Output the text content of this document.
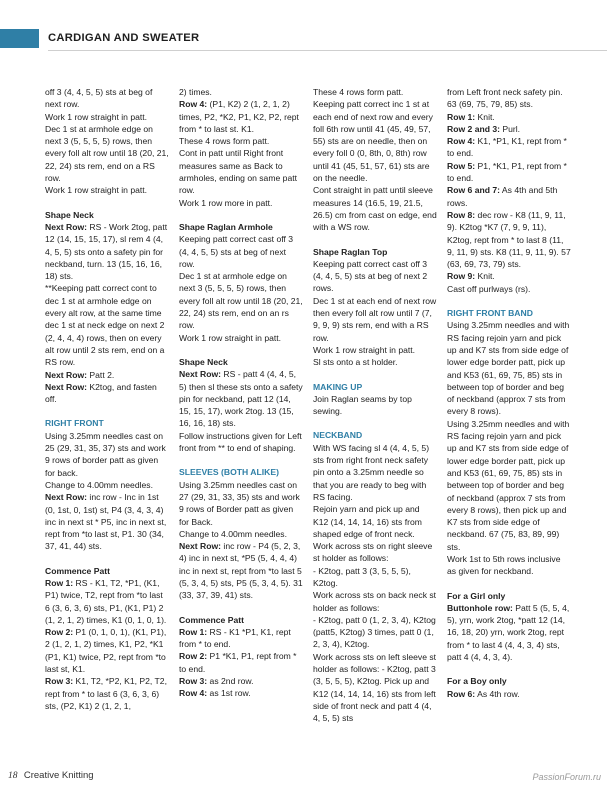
CARDIGAN AND SWEATER

off 3 (4, 4, 5, 5) sts at beg of next row.

Work 1 row straight in patt.

Dec 1 st at armhole edge on next 3 (5, 5, 5, 5) rows, then every foll alt row until 18 (20, 21, 22, 24) sts rem, end on a RS row.

Work 1 row straight in patt.

Shape Neck

Next Row: RS - Work 2tog, patt 12 (14, 15, 15, 17), sl rem 4 (4, 4, 5, 5) sts onto a safety pin for neckband, turn. 13 (15, 16, 16, 18) sts.

**Keeping patt correct cont to dec 1 st at armhole edge on every alt row, at the same time dec 1 st at neck edge on next 2 (2, 4, 4, 4) rows, then on every alt row until 2 sts rem, end on a RS row.

Next Row: Patt 2.

Next Row: K2tog, and fasten off.

RIGHT FRONT

Using 3.25mm needles cast on 25 (29, 31, 35, 37) sts and work 9 rows of border patt as given for back.

Change to 4.00mm needles.

Next Row: inc row - Inc in 1st (0, 1st, 0, 1st) st, P4 (3, 4, 3, 4) inc in next st * P5, inc in next st, rept from *to last st, P1. 30 (34, 37, 41, 44) sts.

Commence Patt

Row 1: RS - K1, T2, *P1, (K1, P1) twice, T2, rept from *to last 6 (3, 6, 3, 6) sts, P1, (K1, P1) 2 (1, 2, 1, 2) times, K1 (0, 1, 0, 1).

Row 2: P1 (0, 1, 0, 1), (K1, P1), 2 (1, 2, 1, 2) times, K1, P2, *K1 (P1, K1) twice, P2, rept from *to last st, K1.

Row 3: K1, T2, *P2, K1, P2, T2, rept from * to last 6 (3, 6, 3, 6) sts, (P2, K1) 2 (1, 2, 1,

2) times.

Row 4: (P1, K2) 2 (1, 2, 1, 2) times, P2, *K2, P1, K2, P2, rept from * to last st. K1.

These 4 rows form patt.

Cont in patt until Right front measures same as Back to armholes, ending on same patt row.

Work 1 row more in patt.

Shape Raglan Armhole

Keeping patt correct cast off 3 (4, 4, 5, 5) sts at beg of next row.

Dec 1 st at armhole edge on next 3 (5, 5, 5, 5) rows, then every foll alt row until 18 (20, 21, 22, 24) sts rem, end on an rs row.

Work 1 row straight in patt.

Shape Neck

Next Row: RS - patt 4 (4, 4, 5, 5) then sl these sts onto a safety pin for neckband, patt 12 (14, 15, 15, 17), work 2tog. 13 (15, 16, 16, 18) sts.

Follow instructions given for Left front from ** to end of shaping.

SLEEVES (BOTH ALIKE)

Using 3.25mm needles cast on 27 (29, 31, 33, 35) sts and work 9 rows of Border patt as given for Back.

Change to 4.00mm needles.

Next Row: inc row - P4 (5, 2, 3, 4) inc in next st, *P5 (5, 4, 4, 4) inc in next st, rept from *to last 5 (5, 3, 4, 5) sts, P5 (5, 3, 4, 5). 31 (33, 37, 39, 41) sts.

Commence Patt

Row 1: RS - K1 *P1, K1, rept from * to end.

Row 2: P1 *K1, P1, rept from * to end.

Row 3: as 2nd row.

Row 4: as 1st row.

These 4 rows form patt.

Keeping patt correct inc 1 st at each end of next row and every foll 6th row until 41 (45, 49, 57, 55) sts are on needle, then on every foll 0 (0, 8th, 0, 8th) row until 41 (45, 51, 57, 61) sts are on the needle.

Cont straight in patt until sleeve measures 14 (16.5, 19, 21.5, 26.5) cm from cast on edge, end with a WS row.

Shape Raglan Top

Keeping patt correct cast off 3 (4, 4, 5, 5) sts at beg of next 2 rows.

Dec 1 st at each end of next row then every foll alt row until 7 (7, 9, 9, 9) sts rem, end with a RS row.

Work 1 row straight in patt.

Sl sts onto a st holder.

MAKING UP

Join Raglan seams by top sewing.

NECKBAND

With WS facing sl 4 (4, 4, 5, 5) sts from right front neck safety pin onto a 3.25mm needle so that you are ready to beg with RS facing.

Rejoin yarn and pick up and K12 (14, 14, 14, 16) sts from shaped edge of front neck.

Work across sts on right sleeve st holder as follows:

- K2tog, patt 3 (3, 5, 5, 5), K2tog.

Work across sts on back neck st holder as follows:

- K2tog, patt 0 (1, 2, 3, 4), K2tog (patt5, K2tog) 3 times, patt 0 (1, 2, 3, 4), K2tog.

Work across sts on left sleeve st holder as follows: - K2tog, patt 3 (3, 5, 5, 5), K2tog. Pick up and K12 (14, 14, 14, 16) sts from left side of front neck and patt 4 (4, 4, 5, 5) sts

from Left front neck safety pin. 63 (69, 75, 79, 85) sts.

Row 1: Knit.

Row 2 and 3: Purl.

Row 4: K1, *P1, K1, rept from * to end.

Row 5: P1, *K1, P1, rept from * to end.

Row 6 and 7: As 4th and 5th rows.

Row 8: dec row - K8 (11, 9, 11, 9). K2tog *K7 (7, 9, 9, 11), K2tog, rept from * to last 8 (11, 9, 11, 9) sts. K8 (11, 9, 11, 9). 57 (63, 69, 73, 79) sts.

Row 9: Knit.

Cast off purlways (rs).

RIGHT FRONT BAND

Using 3.25mm needles and with RS facing rejoin yarn and pick up and K7 sts from side edge of lower edge border patt, pick up and K53 (61, 69, 75, 85) sts in between top of border and beg of neckband (approx 7 sts from every 8 rows).

Using 3.25mm needles and with RS facing rejoin yarn and pick up and K7 sts from side edge of lower edge border patt, pick up and K53 (61, 69, 75, 85) sts in between top of border and beg of neckband (approx 7 sts from every 8 rows), then pick up and K7 sts from side edge of neckband. 67 (75, 83, 89, 99) sts.

Work 1st to 5th rows inclusive as given for neckband.

For a Girl only

Buttonhole row: Patt 5 (5, 5, 4, 5), yrn, work 2tog, *patt 12 (14, 16, 18, 20) yrn, work 2tog, rept from * to last 4 (4, 4, 3, 4) sts, patt 4 (4, 4, 3, 4).

For a Boy only

Row 6: As 4th row.

18 Creative Knitting	PassionForum.ru
